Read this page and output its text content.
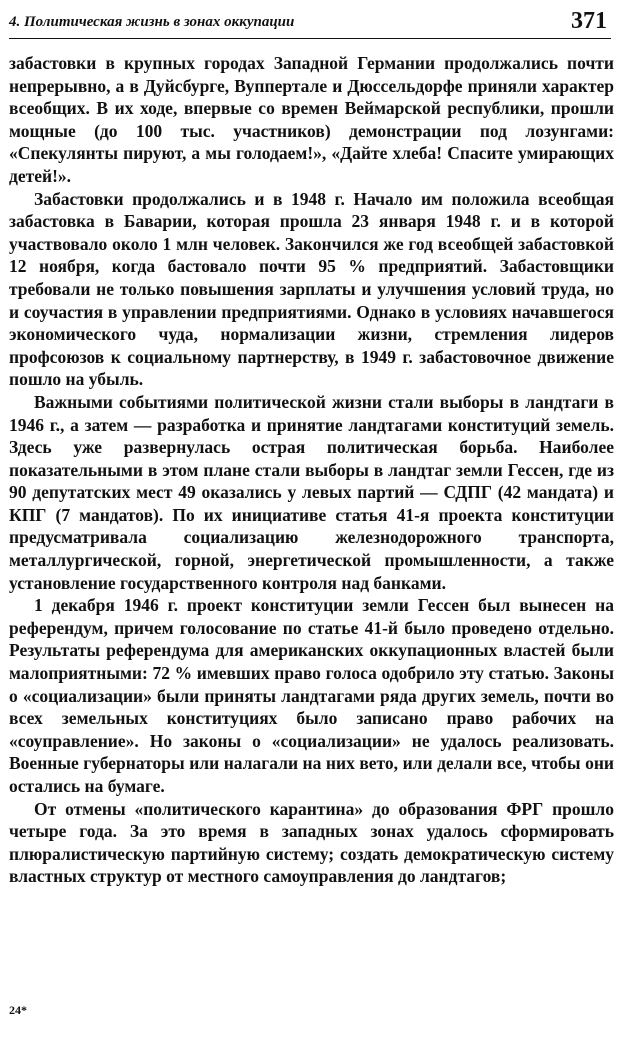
4. Политическая жизнь в зонах оккупации	371

забастовки в крупных городах Западной Германии продолжались почти непрерывно, а в Дуйсбурге, Вуппертале и Дюссельдорфе приняли характер всеобщих. В их ходе, впервые со времен Веймарской республики, прошли мощные (до 100 тыс. участников) демонстрации под лозунгами: «Спекулянты пируют, а мы голодаем!», «Дайте хлеба! Спасите умирающих детей!».

Забастовки продолжались и в 1948 г. Начало им положила всеобщая забастовка в Баварии, которая прошла 23 января 1948 г. и в которой участвовало около 1 млн человек. Закончился же год всеобщей забастовкой 12 ноября, когда бастовало почти 95 % предприятий. Забастовщики требовали не только повышения зарплаты и улучшения условий труда, но и соучастия в управлении предприятиями. Однако в условиях начавшегося экономического чуда, нормализации жизни, стремления лидеров профсоюзов к социальному партнерству, в 1949 г. забастовочное движение пошло на убыль.

Важными событиями политической жизни стали выборы в ландтаги в 1946 г., а затем — разработка и принятие ландтагами конституций земель. Здесь уже развернулась острая политическая борьба. Наиболее показательными в этом плане стали выборы в ландтаг земли Гессен, где из 90 депутатских мест 49 оказались у левых партий — СДПГ (42 мандата) и КПГ (7 мандатов). По их инициативе статья 41-я проекта конституции предусматривала социализацию железнодорожного транспорта, металлургической, горной, энергетической промышленности, а также установление государственного контроля над банками.

1 декабря 1946 г. проект конституции земли Гессен был вынесен на референдум, причем голосование по статье 41-й было проведено отдельно. Результаты референдума для американских оккупационных властей были малоприятными: 72 % имевших право голоса одобрило эту статью. Законы о «социализации» были приняты ландтагами ряда других земель, почти во всех земельных конституциях было записано право рабочих на «соуправление». Но законы о «социализации» не удалось реализовать. Военные губернаторы или налагали на них вето, или делали все, чтобы они остались на бумаге.

От отмены «политического карантина» до образования ФРГ прошло четыре года. За это время в западных зонах удалось сформировать плюралистическую партийную систему; создать демократическую систему властных структур от местного самоуправления до ландтагов;

24*
